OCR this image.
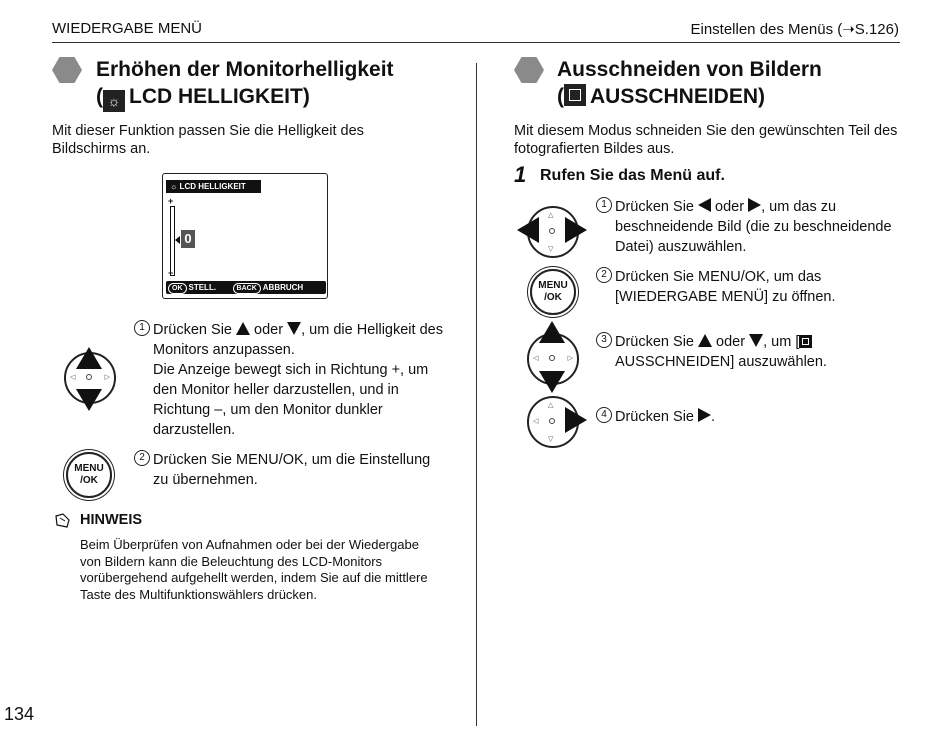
WIEDERGABE MENÜ	Einstellen des Menüs (➝S.126)
Erhöhen der Monitorhelligkeit
( ☼ LCD HELLIGKEIT)
Mit dieser Funktion passen Sie die Helligkeit des Bildschirms an.
☼ LCD HELLIGKEIT
+
−
0
OK STELL.	BACK ABBRUCH
◁	▷
1 Drücken Sie oder , um die Helligkeit des Monitors anzupassen.
Die Anzeige bewegt sich in Richtung +, um den Monitor heller darzustellen, und in Richtung –, um den Monitor dunkler darzustellen.
MENU
/OK
2 Drücken Sie MENU/OK, um die Einstellung zu übernehmen.
HINWEIS
Beim Überprüfen von Aufnahmen oder bei der Wiedergabe von Bildern kann die Beleuchtung des LCD-Monitors vorübergehend aufgehellt werden, indem Sie auf die mittlere Taste des Multifunktionswählers drücken.
134
Ausschneiden von Bildern
( AUSSCHNEIDEN)
Mit diesem Modus schneiden Sie den gewünschten Teil des fotografierten Bildes aus.
1 Rufen Sie das Menü auf.
△
▽
1 Drücken Sie oder , um das zu beschneidende Bild (die zu beschneidende Datei) auszuwählen.
MENU
/OK
2 Drücken Sie MENU/OK, um das [WIEDERGABE MENÜ] zu öffnen.
◁	▷
3 Drücken Sie oder , um [
AUSSCHNEIDEN] auszuwählen.
△
▽
◁
4 Drücken Sie .
